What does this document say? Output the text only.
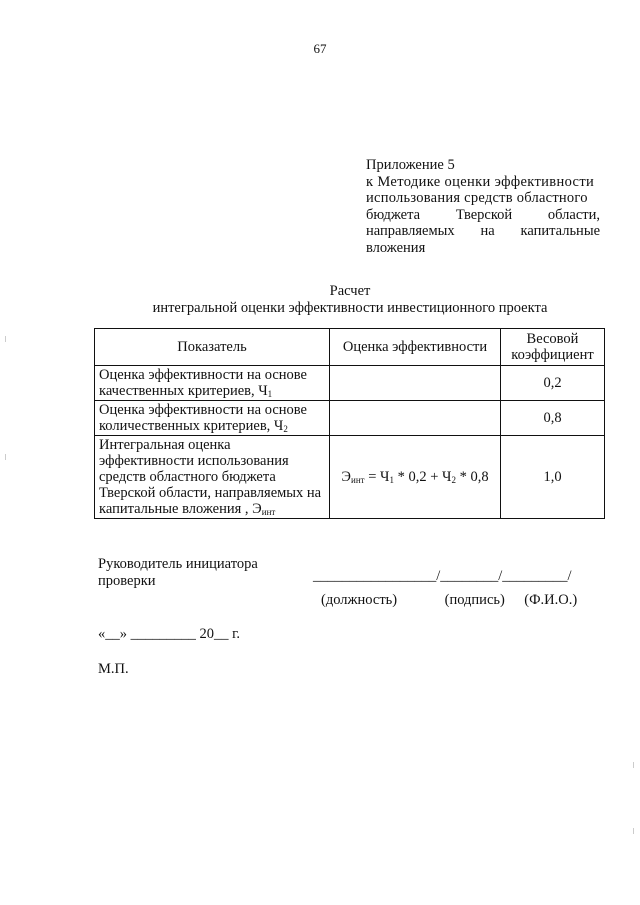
67
Приложение 5
к Методике оценки эффективности
использования средств областного
бюджета Тверской области,
направляемых на капитальные
вложения
Расчет
интегральной оценки эффективности инвестиционного проекта
Показатель	Оценка эффективности	Весовой коэффициент
Оценка эффективности на основе качественных критериев, $Ч_1$		0,2
Оценка эффективности на основе количественных критериев, $Ч_2$		0,8
Интегральная оценка эффективности использования средств областного бюджета Тверской области, направляемых на капитальные вложения , $Э_{инт}$	$Э_{инт} = Ч_1 * 0,2 + Ч_2 * 0,8$	1,0
Руководитель инициатора
проверки	_________________/________/_________/
(должность)	(подпись) (Ф.И.О.)
«__» _________ 20__ г.
М.П.
